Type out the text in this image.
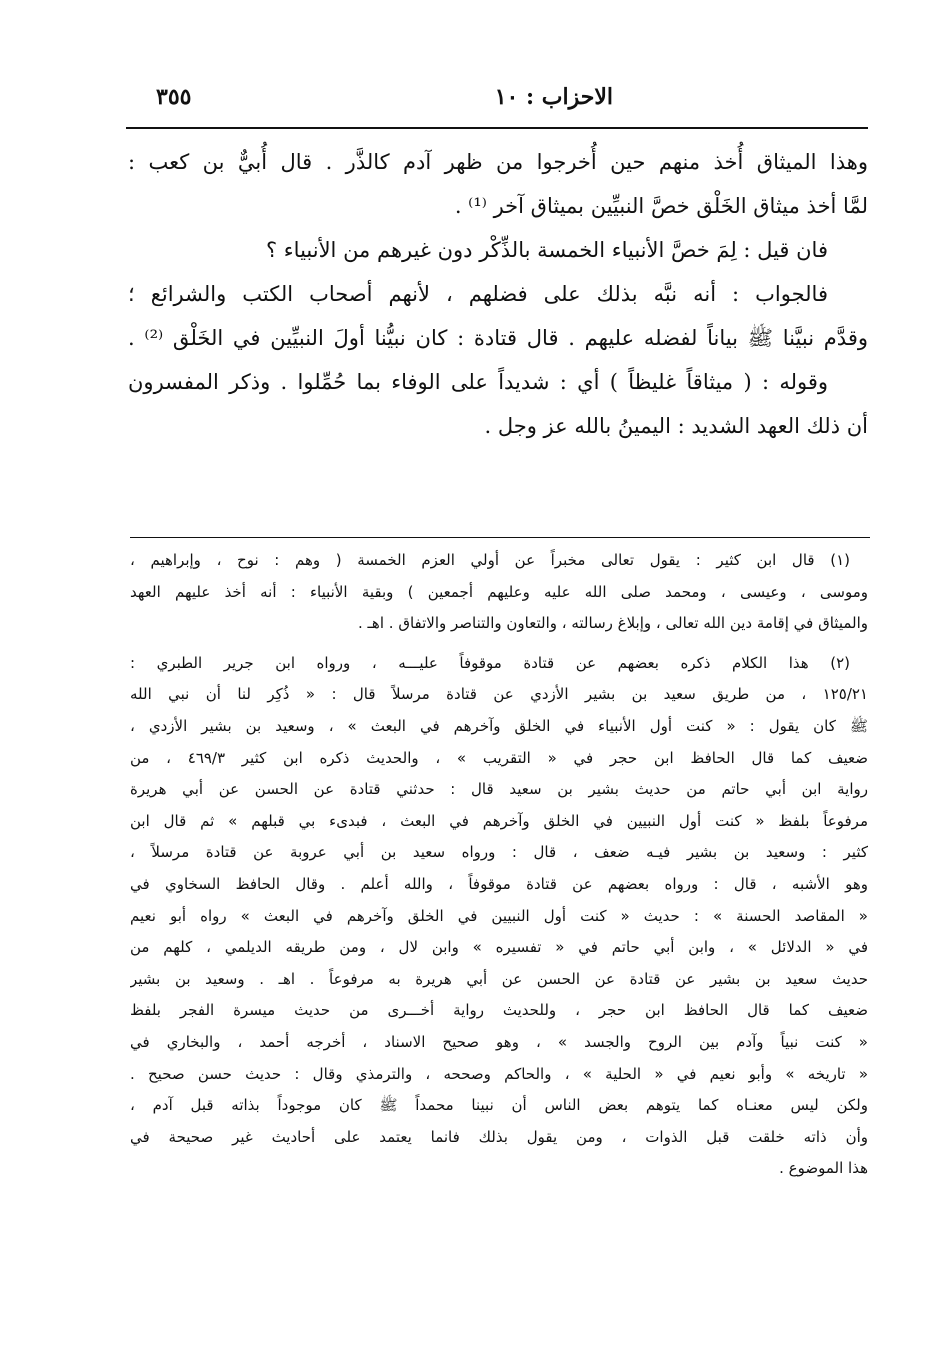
الاحزاب : ١٠
٣٥٥
وهذا الميثاق أُخذ منهم حين أُخرجوا من ظهر آدم كالذَّر . قال أُبيٌّ بن كعب :
لمَّا أخذ ميثاق الخَلْق خصَّ النبيِّين بميثاق آخر ⁽¹⁾ .
فان قيل : لِمَ خصَّ الأنبياء الخمسة بالذِّكْر دون غيرهم من الأنبياء ؟
فالجواب : أنه نبَّه بذلك على فضلهم ، لأنهم أصحاب الكتب والشرائع ؛
وقدَّم نبيَّنا ﷺ بياناً لفضله عليهم . قال قتادة : كان نبيُّنا أولَ النبيِّين في الخَلْق ⁽²⁾ .
وقوله : ( ميثاقاً غليظاً ) أي : شديداً على الوفاء بما حُمِّلوا . وذكر المفسرون
أن ذلك العهد الشديد : اليمينُ بالله عز وجل .
(١) قال ابن كثير : يقول تعالى مخبراً عن أولي العزم الخمسة ( وهم : نوح ، وإبراهيم ،
وموسى ، وعيسى ، ومحمد صلى الله عليه وعليهم أجمعين ) وبقية الأنبياء : أنه أخذ عليهم العهد
والميثاق في إقامة دين الله تعالى ، وإبلاغ رسالته ، والتعاون والتناصر والاتفاق . اهـ .
(٢) هذا الكلام ذكره بعضهم عن قتادة موقوفاً عليـــه ، ورواه ابن جرير الطبري :
١٢٥/٢١ ، من طريق سعيد بن بشير الأزدي عن قتادة مرسلاً قال : « ذُكِر لنا أن نبي الله
ﷺ كان يقول : « كنت أول الأنبياء في الخلق وآخرهم في البعث » ، وسعيد بن بشير الأزدي ،
ضعيف كما قال الحافظ ابن حجر في « التقريب » ، والحديث ذكره ابن كثير ٤٦٩/٣ ، من
رواية ابن أبي حاتم من حديث بشير بن سعيد قال : حدثني قتادة عن الحسن عن أبي هريرة
مرفوعاً بلفظ « كنت أول النبيين في الخلق وآخرهم في البعث ، فبدىء بي قبلهم » ثم قال ابن
كثير : وسعيد بن بشير فيـه ضعف ، قال : ورواه سعيد بن أبي عروبة عن قتادة مرسلاً ،
وهو الأشبه ، قال : ورواه بعضهم عن قتادة موقوفاً ، والله أعلم . وقال الحافظ السخاوي في
« المقاصد الحسنة » : حديث « كنت أول النبيين في الخلق وآخرهم في البعث » رواه أبو نعيم
في « الدلائل » ، وابن أبي حاتم في « تفسيره » وابن لال ، ومن طريقه الديلمي ، كلهم من
حديث سعيد بن بشير عن قتادة عن الحسن عن أبي هريرة به مرفوعاً . اهـ . وسعيد بن بشير
ضعيف كما قال الحافظ ابن حجر ، وللحديث رواية أخـــرى من حديث ميسرة الفجر بلفظ
« كنت نبياً وآدم بين الروح والجسد » ، وهو صحيح الاسناد ، أخرجه أحمد ، والبخاري في
« تاريخه » وأبو نعيم في « الحلية » ، والحاكم وصححه ، والترمذي وقال : حديث حسن صحيح .
ولكن ليس معنـاه كما يتوهم بعض الناس أن نبينا محمداً ﷺ كان موجوداً بذاته قبل آدم ،
وأن ذاته خلقت قبل الذوات ، ومن يقول بذلك فانما يعتمد على أحاديث غير صحيحة في
هذا الموضوع .
